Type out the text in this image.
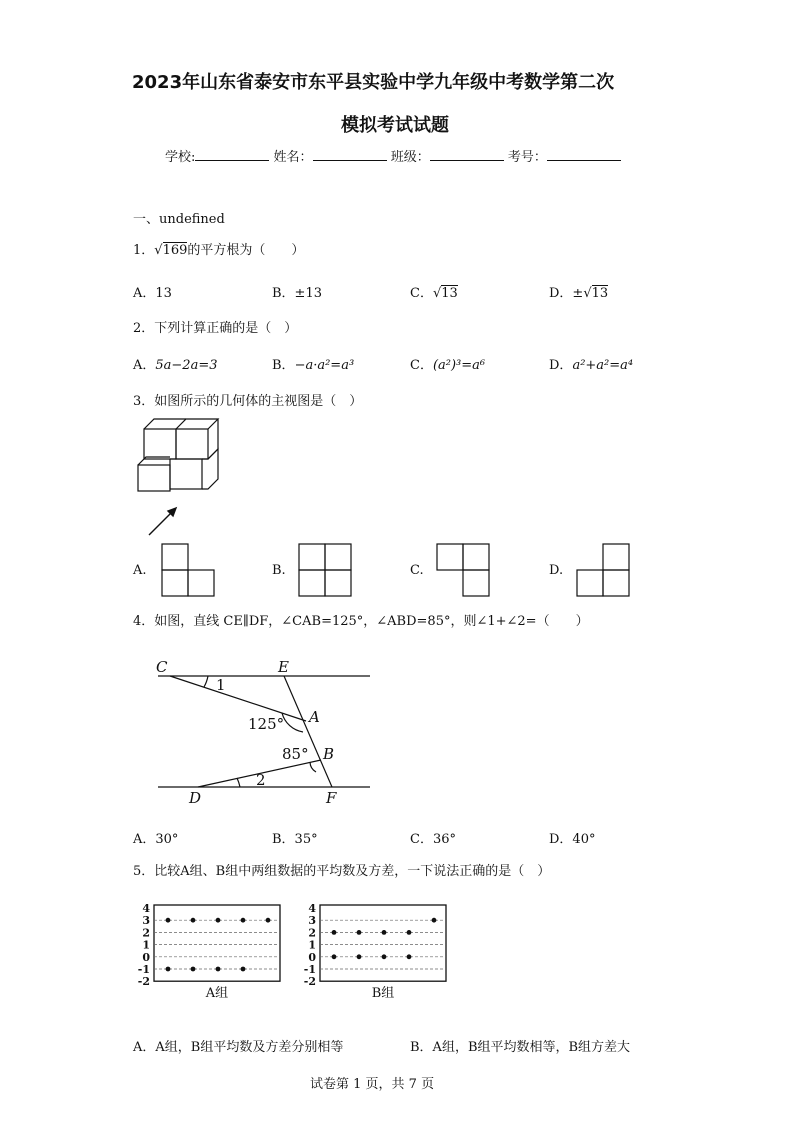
2023年山东省泰安市东平县实验中学九年级中考数学第二次
模拟考试试题
学校:	姓名：	班级：	考号：
一、undefined
1．√169的平方根为（　　）
A．13	B．±13	C．√13	D．±√13
2．下列计算正确的是（　）
A．5a−2a=3	B．−a·a²=a³	C．(a²)³=a⁶	D．a²+a²=a⁴
3．如图所示的几何体的主视图是（　）
A.	B.	C.	D.
4．如图，直线 CE∥DF，∠CAB=125°，∠ABD=85°，则∠1+∠2=（　　）
C	E
A
B
D	F
1
2
125°
85°
A．30°	B．35°	C．36°	D．40°
5．比较A组、B组中两组数据的平均数及方差，一下说法正确的是（　）
4
3
2
1
0
-1
-2
A组
4
3
2
1
0
-1
-2
B组
A．A组，B组平均数及方差分别相等	B．A组，B组平均数相等，B组方差大
试卷第 1 页，共 7 页
